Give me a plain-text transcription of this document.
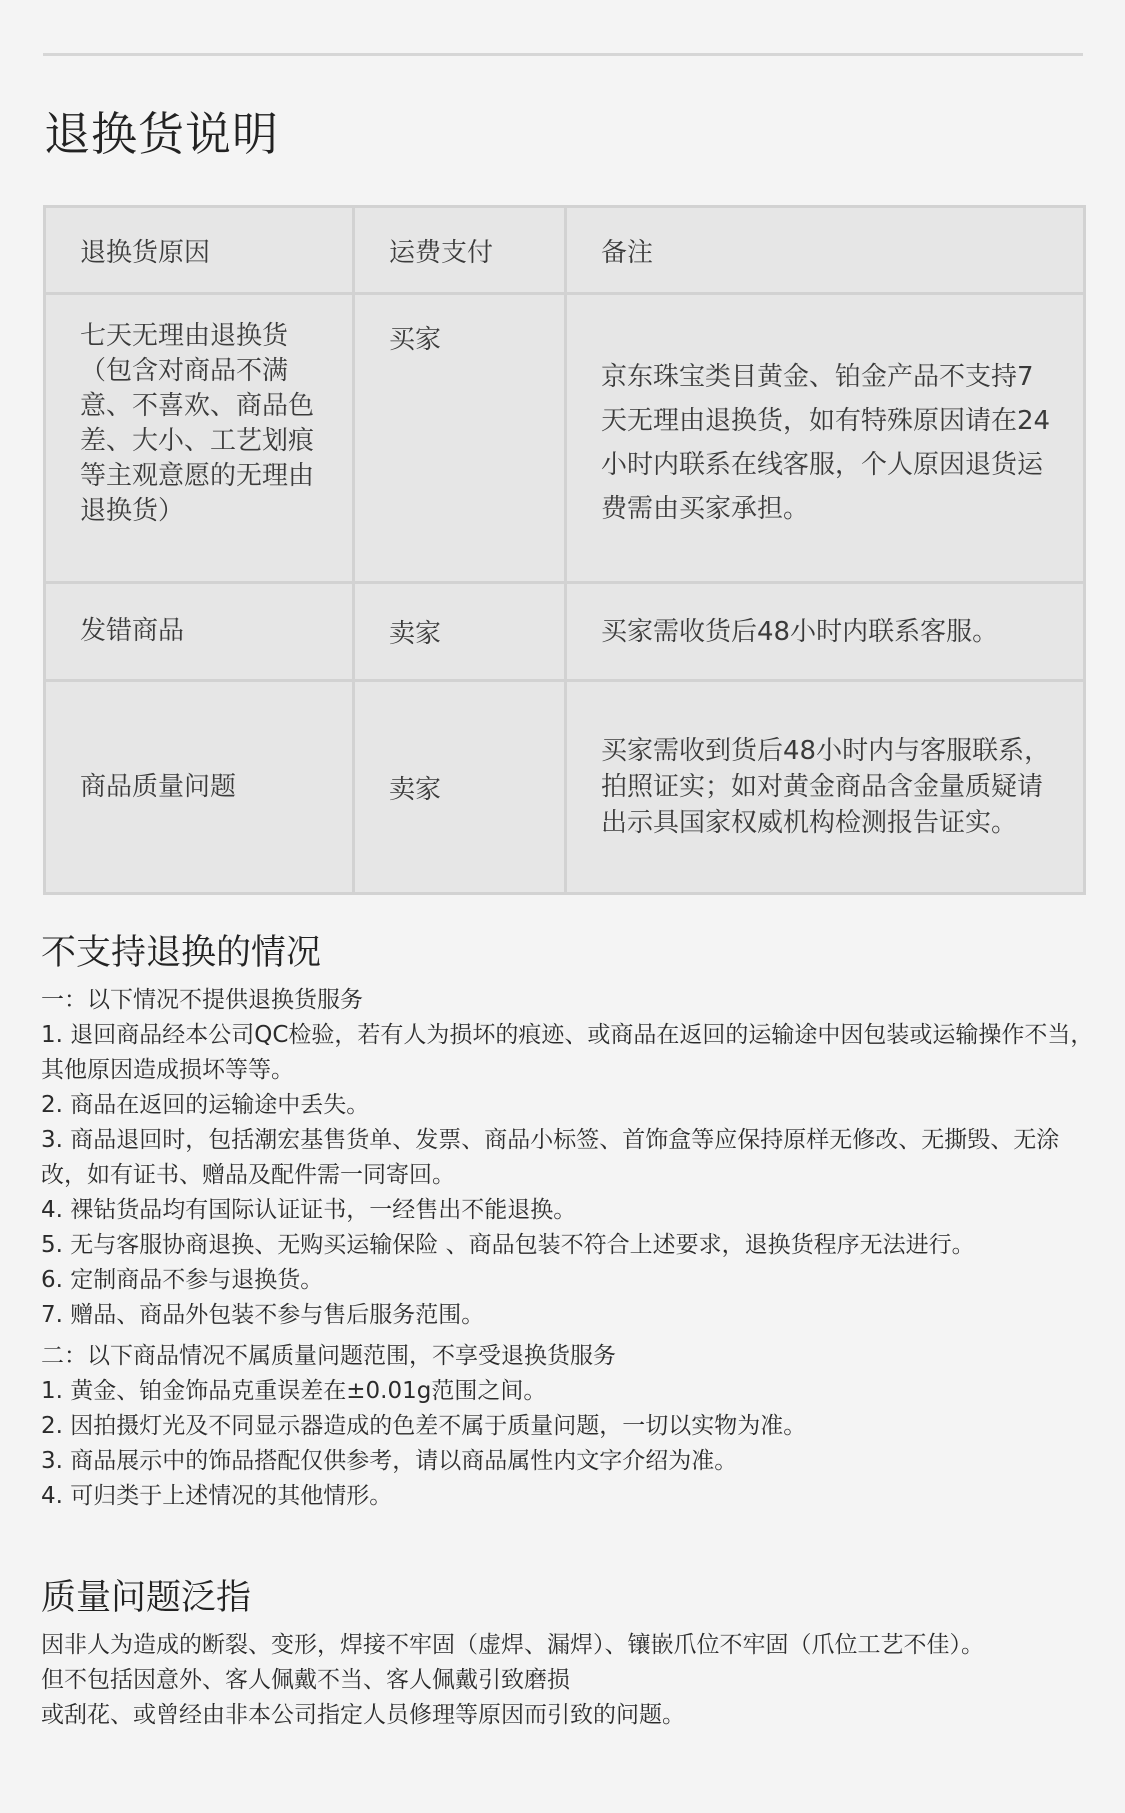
退换货说明
退换货原因	运费支付	备注
七天无理由退换货（包含对商品不满意、不喜欢、商品色差、大小、工艺划痕等主观意愿的无理由退换货）	买家	京东珠宝类目黄金、铂金产品不支持7天无理由退换货，如有特殊原因请在24小时内联系在线客服，个人原因退货运费需由买家承担。
发错商品	卖家	买家需收货后48小时内联系客服。
商品质量问题	卖家	买家需收到货后48小时内与客服联系，拍照证实；如对黄金商品含金量质疑请出示具国家权威机构检测报告证实。
不支持退换的情况
一：以下情况不提供退换货服务
1. 退回商品经本公司QC检验，若有人为损坏的痕迹、或商品在返回的运输途中因包装或运输操作不当，其他原因造成损坏等等。
2. 商品在返回的运输途中丢失。
3. 商品退回时，包括潮宏基售货单、发票、商品小标签、首饰盒等应保持原样无修改、无撕毁、无涂改，如有证书、赠品及配件需一同寄回。
4. 裸钻货品均有国际认证证书，一经售出不能退换。
5. 无与客服协商退换、无购买运输保险 、商品包装不符合上述要求，退换货程序无法进行。
6. 定制商品不参与退换货。
7. 赠品、商品外包装不参与售后服务范围。
二：以下商品情况不属质量问题范围，不享受退换货服务
1. 黄金、铂金饰品克重误差在±0.01g范围之间。
2. 因拍摄灯光及不同显示器造成的色差不属于质量问题，一切以实物为准。
3. 商品展示中的饰品搭配仅供参考，请以商品属性内文字介绍为准。
4. 可归类于上述情况的其他情形。
质量问题泛指
因非人为造成的断裂、变形，焊接不牢固（虚焊、漏焊）、镶嵌爪位不牢固（爪位工艺不佳）。
但不包括因意外、客人佩戴不当、客人佩戴引致磨损
或刮花、或曾经由非本公司指定人员修理等原因而引致的问题。
